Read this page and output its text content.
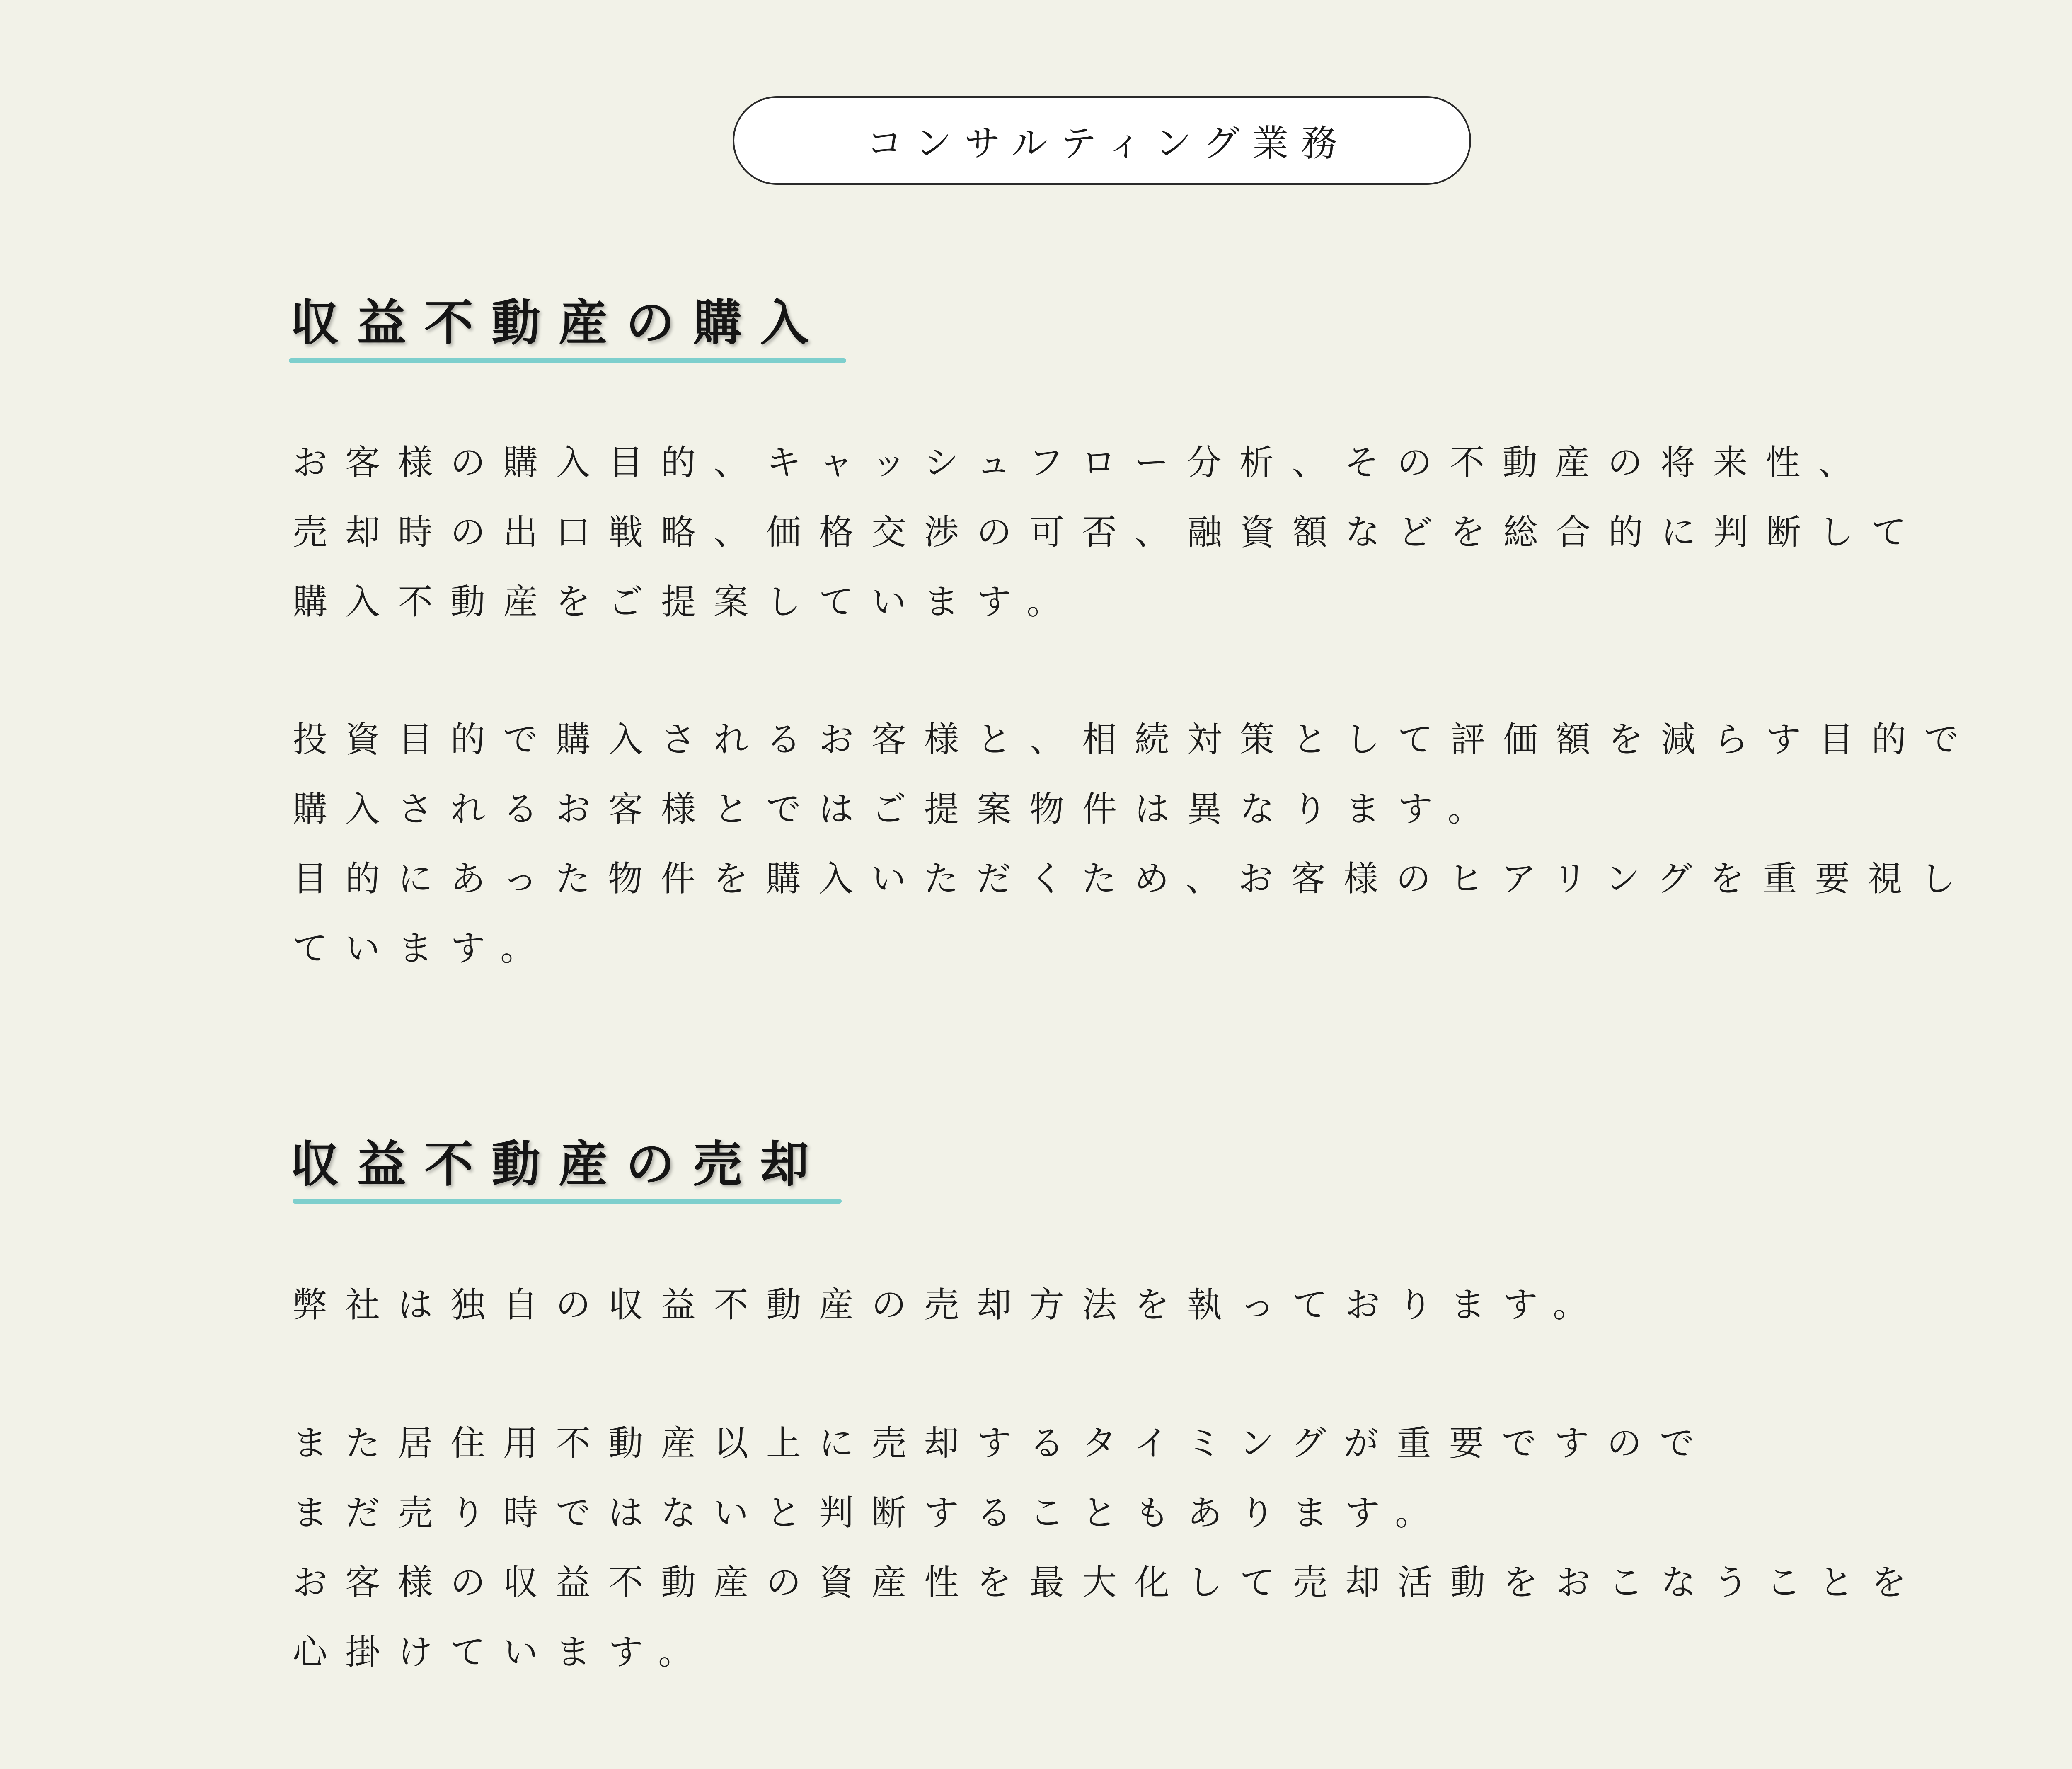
コンサルティング業務
収益不動産の購入
お客様の購入目的、キャッシュフロー分析、その不動産の将来性、
売却時の出口戦略、価格交渉の可否、融資額などを総合的に判断して
購入不動産をご提案しています。
投資目的で購入されるお客様と、相続対策として評価額を減らす目的で
購入されるお客様とではご提案物件は異なります。
目的にあった物件を購入いただくため、お客様のヒアリングを重要視し
ています。
収益不動産の売却
弊社は独自の収益不動産の売却方法を執っております。
また居住用不動産以上に売却するタイミングが重要ですので
まだ売り時ではないと判断することもあります。
お客様の収益不動産の資産性を最大化して売却活動をおこなうことを
心掛けています。
